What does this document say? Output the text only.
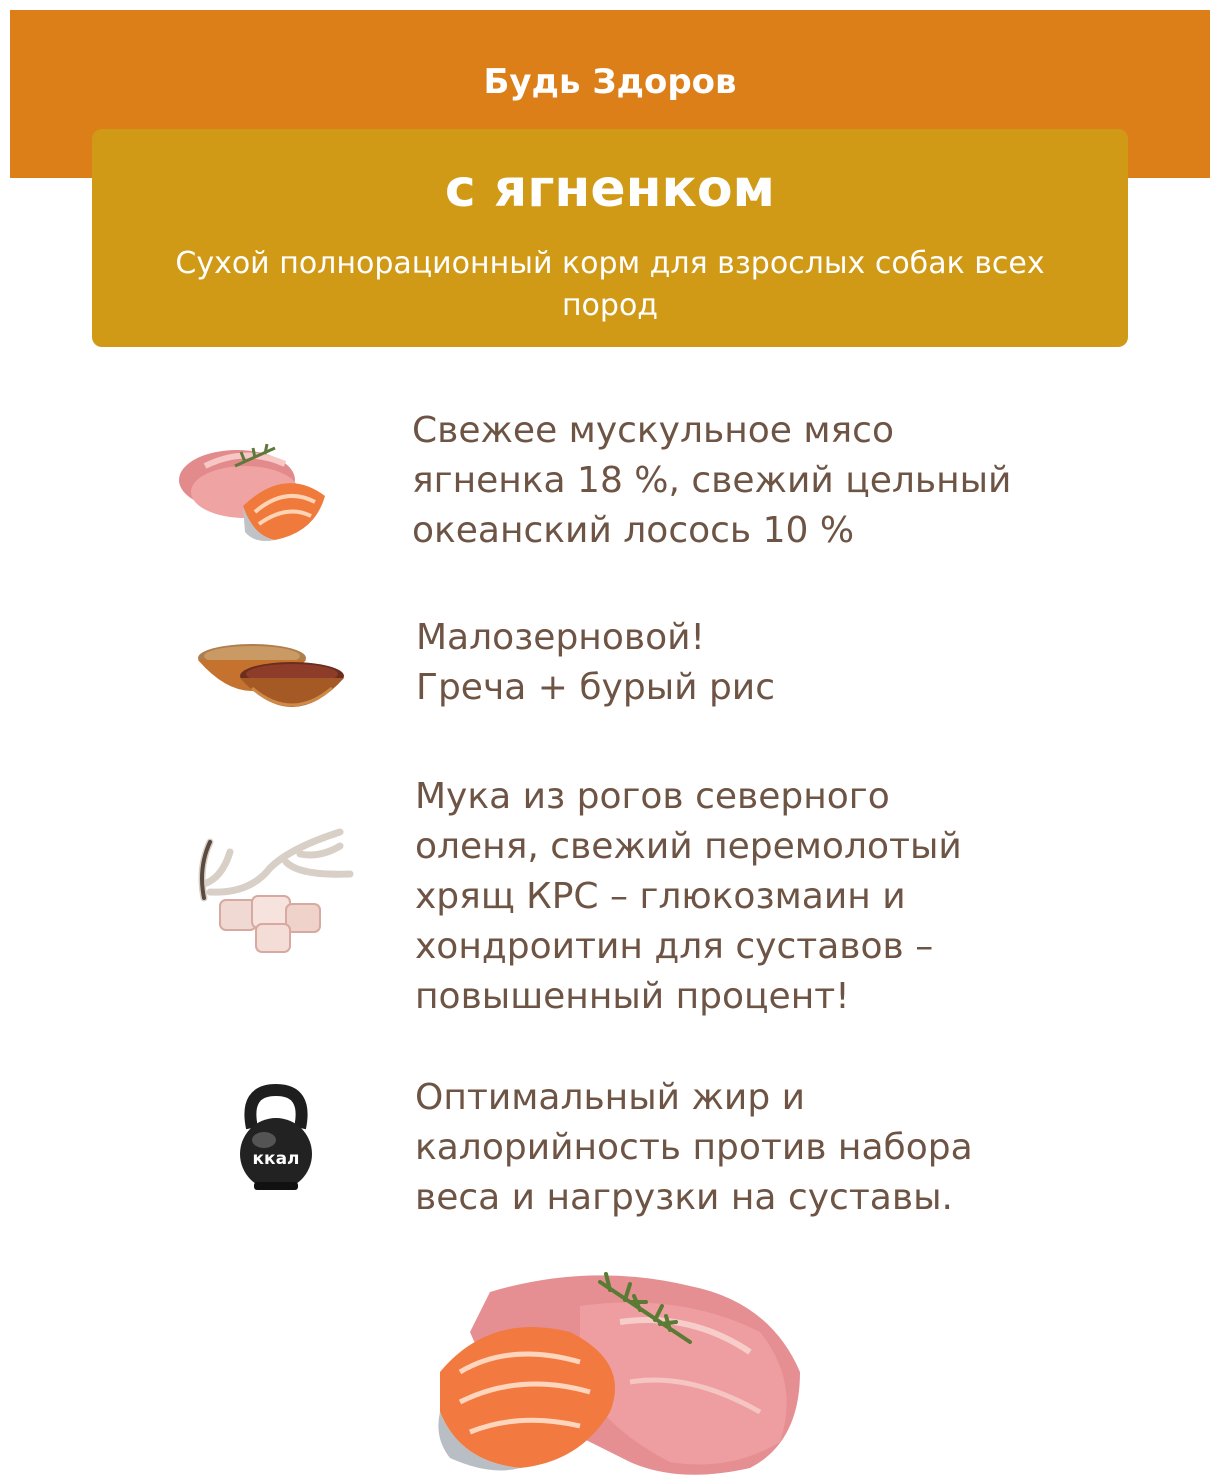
Будь Здоров
с ягненком
Сухой полнорационный корм для взрослых собак всех пород
Свежее мускульное мясо
ягненка 18 %, свежий цельный
океанский лосось 10 %
Малозерновой!
Греча + бурый рис
Мука из рогов северного
оленя, свежий перемолотый
хрящ КРС – глюкозмаин и
хондроитин для суставов –
повышенный процент!
ккал
Оптимальный жир и
калорийность против набора
веса и нагрузки на суставы.
